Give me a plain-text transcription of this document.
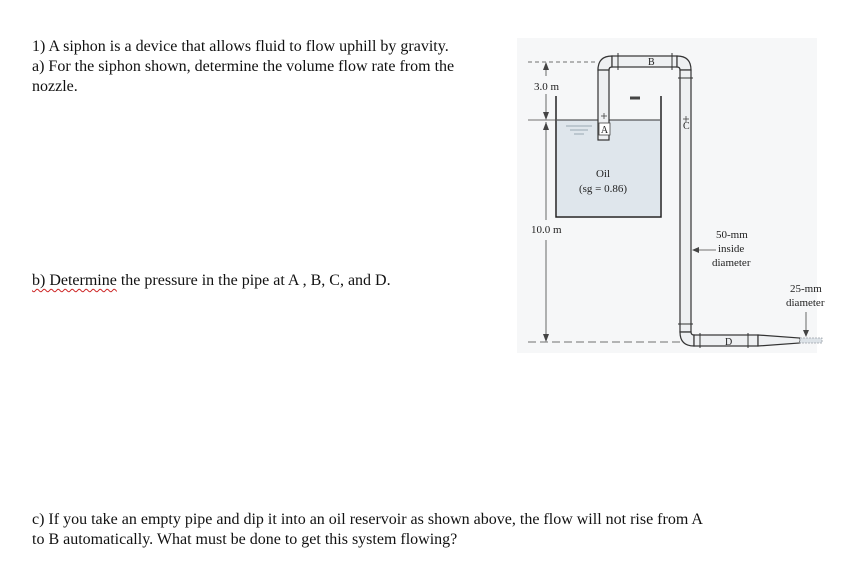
1) A siphon is a device that allows fluid to flow uphill by gravity.

a) For the siphon shown, determine the volume flow rate from the

nozzle.

b) Determine the pressure in the pipe at A , B, C, and D.

c) If you take an empty pipe and dip it into an oil reservoir as shown above, the flow will not rise from A

to B automatically. What must be done to get this system flowing?

A	C
B
D
3.0 m
10.0 m
Oil
(sg = 0.86)
50-mm
inside
diameter
25-mm
diameter
